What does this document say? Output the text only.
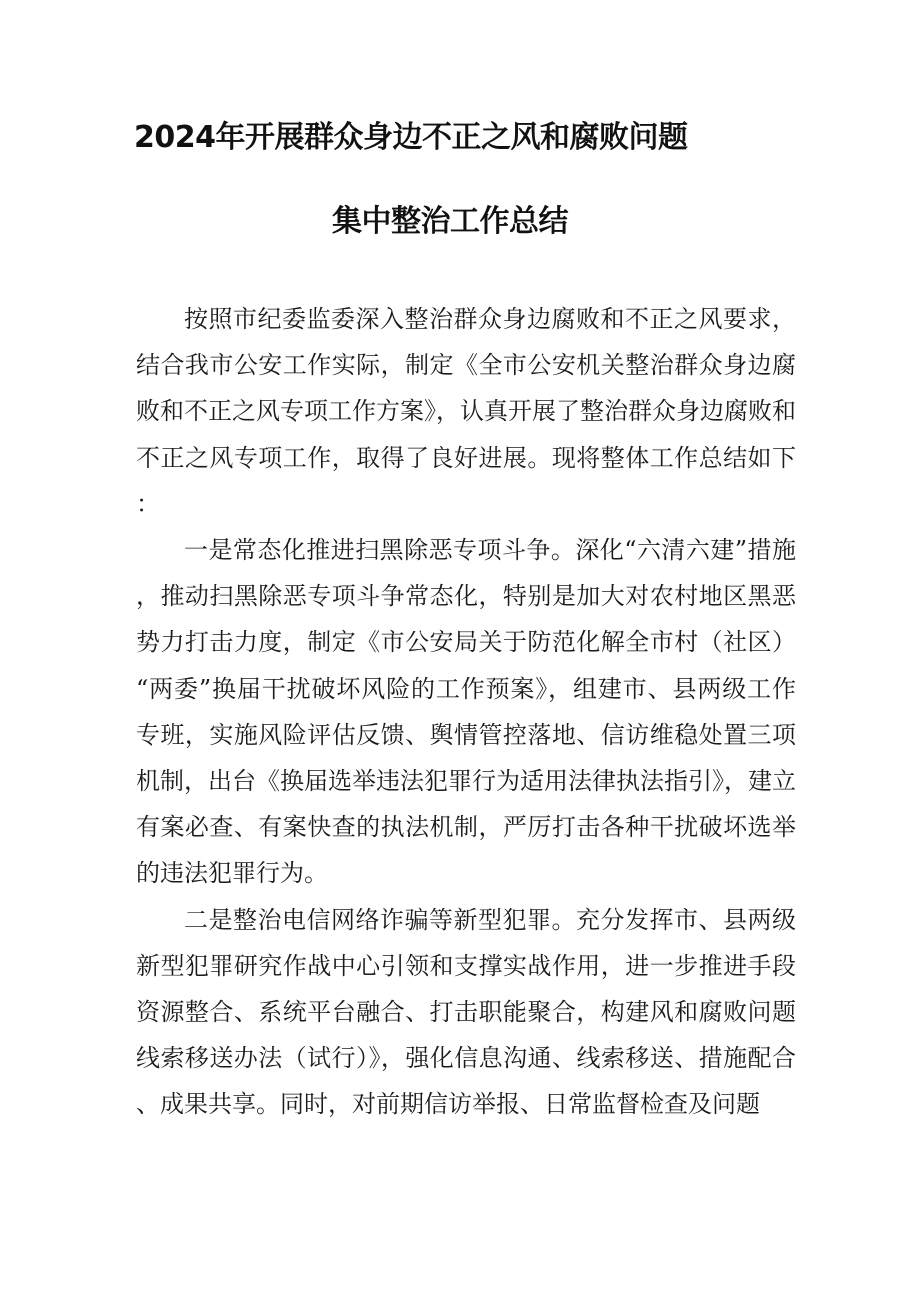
2024年开展群众身边不正之风和腐败问题
集中整治工作总结

按照市纪委监委深入整治群众身边腐败和不正之风要求，结合我市公安工作实际，制定《全市公安机关整治群众身边腐败和不正之风专项工作方案》，认真开展了整治群众身边腐败和不正之风专项工作，取得了良好进展。现将整体工作总结如下：

一是常态化推进扫黑除恶专项斗争。深化“六清六建”措施，推动扫黑除恶专项斗争常态化，特别是加大对农村地区黑恶势力打击力度，制定《市公安局关于防范化解全市村（社区）“两委”换届干扰破坏风险的工作预案》，组建市、县两级工作专班，实施风险评估反馈、舆情管控落地、信访维稳处置三项机制，出台《换届选举违法犯罪行为适用法律执法指引》，建立有案必查、有案快查的执法机制，严厉打击各种干扰破坏选举的违法犯罪行为。

二是整治电信网络诈骗等新型犯罪。充分发挥市、县两级新型犯罪研究作战中心引领和支撑实战作用，进一步推进手段资源整合、系统平台融合、打击职能聚合，构建风和腐败问题线索移送办法（试行）》，强化信息沟通、线索移送、措施配合、成果共享。同时，对前期信访举报、日常监督检查及问题
